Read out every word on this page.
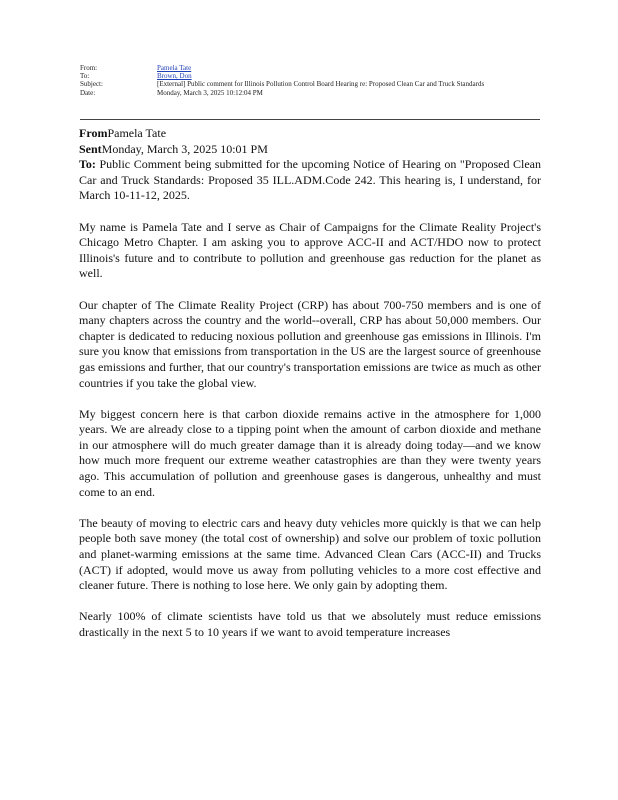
From:	Pamela Tate
To:	Brown, Don
Subject:	[External] Public comment for Illinois Pollution Control Board Hearing re: Proposed Clean Car and Truck Standards
Date:	Monday, March 3, 2025 10:12:04 PM

FromPamela Tate

SentMonday, March 3, 2025 10:01 PM

To: Public Comment being submitted for the upcoming Notice of Hearing on "Proposed Clean Car and Truck Standards: Proposed 35 ILL.ADM.Code 242. This hearing is, I understand, for March 10-11-12, 2025.

My name is Pamela Tate and I serve as Chair of Campaigns for the Climate Reality Project's Chicago Metro Chapter. I am asking you to approve ACC-II and ACT/HDO now to protect Illinois's future and to contribute to pollution and greenhouse gas reduction for the planet as well.

Our chapter of The Climate Reality Project (CRP) has about 700-750 members and is one of many chapters across the country and the world--overall, CRP has about 50,000 members. Our chapter is dedicated to reducing noxious pollution and greenhouse gas emissions in Illinois. I'm sure you know that emissions from transportation in the US are the largest source of greenhouse gas emissions and further, that our country's transportation emissions are twice as much as other countries if you take the global view.

My biggest concern here is that carbon dioxide remains active in the atmosphere for 1,000 years. We are already close to a tipping point when the amount of carbon dioxide and methane in our atmosphere will do much greater damage than it is already doing today—and we know how much more frequent our extreme weather catastrophies are than they were twenty years ago. This accumulation of pollution and greenhouse gases is dangerous, unhealthy and must come to an end.

The beauty of moving to electric cars and heavy duty vehicles more quickly is that we can help people both save money (the total cost of ownership) and solve our problem of toxic pollution and planet-warming emissions at the same time. Advanced Clean Cars (ACC-II) and Trucks (ACT) if adopted, would move us away from polluting vehicles to a more cost effective and cleaner future. There is nothing to lose here. We only gain by adopting them.

Nearly 100% of climate scientists have told us that we absolutely must reduce emissions drastically in the next 5 to 10 years if we want to avoid temperature increases
